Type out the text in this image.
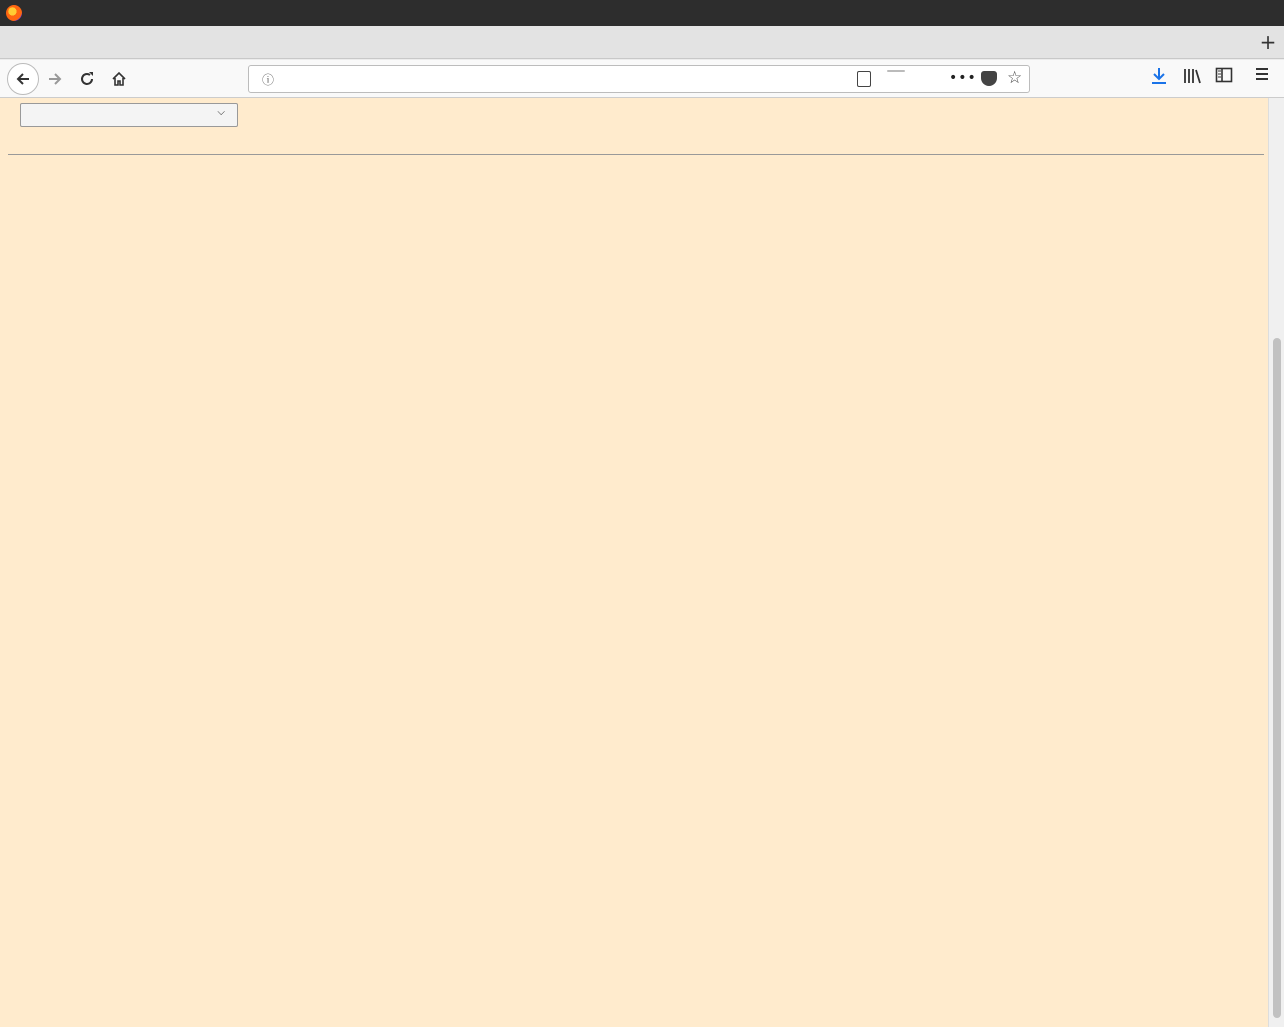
+
ⓘ	••• ☆
⌵
